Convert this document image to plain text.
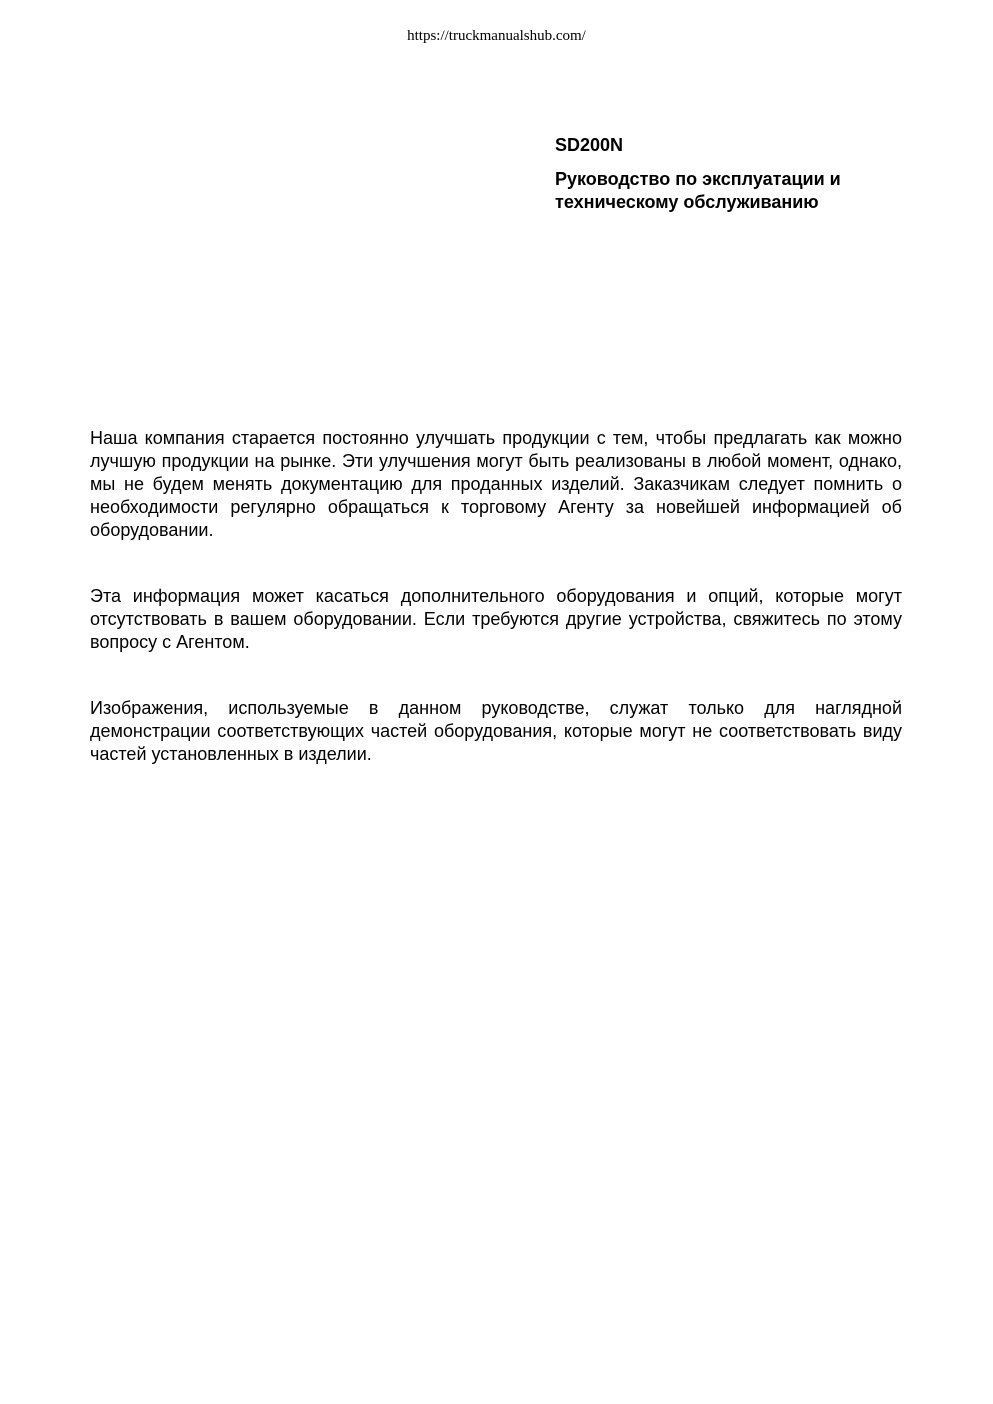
https://truckmanualshub.com/

SD200N

Руководство по эксплуатации и техническому обслуживанию

Наша компания старается постоянно улучшать продукции с тем, чтобы предлагать как можно лучшую продукции на рынке. Эти улучшения могут быть реализованы в любой момент, однако, мы не будем менять документацию для проданных изделий. Заказчикам следует помнить о необходимости регулярно обращаться к торговому Агенту за новейшей информацией об оборудовании.

Эта информация может касаться дополнительного оборудования и опций, которые могут отсутствовать в вашем оборудовании. Если требуются другие устройства, свяжитесь по этому вопросу с Агентом.

Изображения, используемые в данном руководстве, служат только для наглядной демонстрации соответствующих частей оборудования, которые могут не соответствовать виду частей установленных в изделии.
